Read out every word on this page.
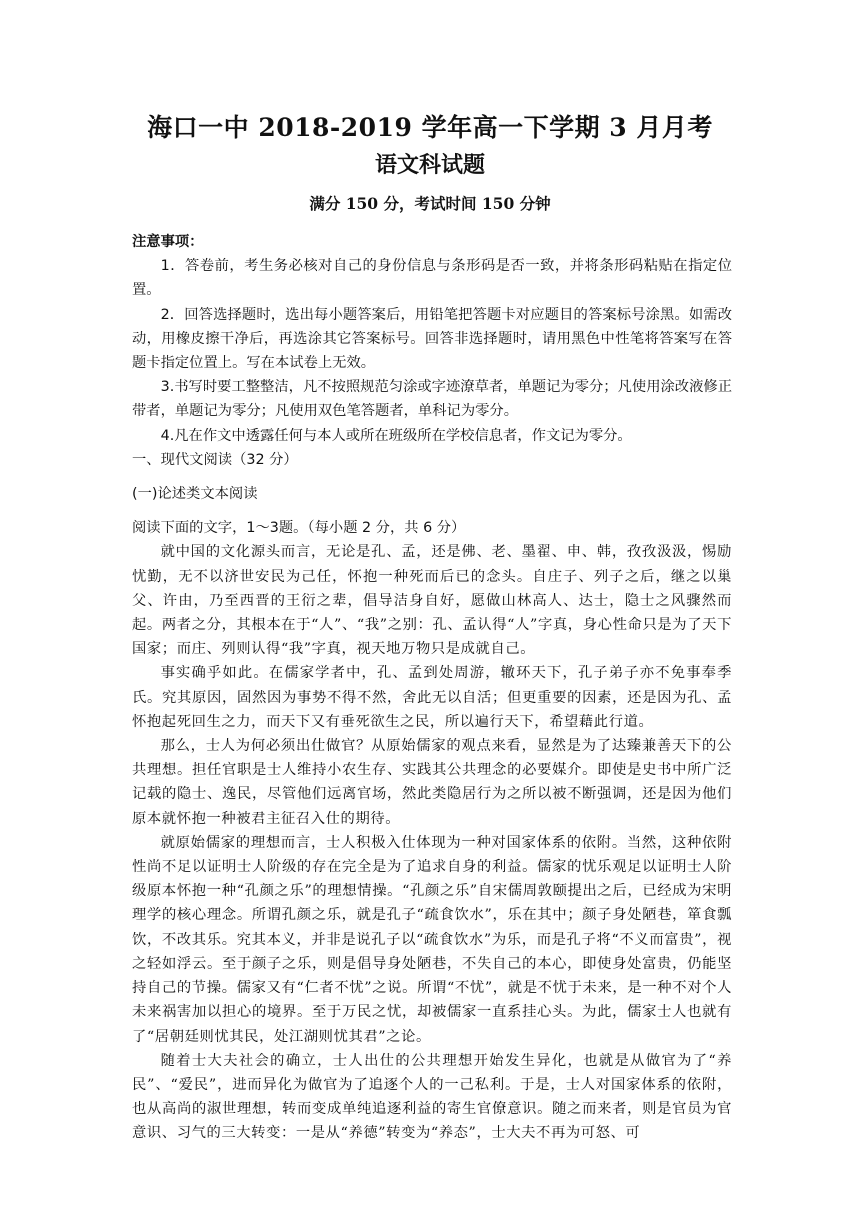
海口一中 2018-2019 学年高一下学期 3 月月考
语文科试题
满分 150 分，考试时间 150 分钟

注意事项：

1．答卷前，考生务必核对自己的身份信息与条形码是否一致，并将条形码粘贴在指定位置。

2．回答选择题时，选出每小题答案后，用铅笔把答题卡对应题目的答案标号涂黑。如需改动，用橡皮擦干净后，再选涂其它答案标号。回答非选择题时，请用黑色中性笔将答案写在答题卡指定位置上。写在本试卷上无效。

3.书写时要工整整洁，凡不按照规范匀涂或字迹潦草者，单题记为零分；凡使用涂改液修正带者，单题记为零分；凡使用双色笔答题者，单科记为零分。

4.凡在作文中透露任何与本人或所在班级所在学校信息者，作文记为零分。

一、现代文阅读（32 分）

(一)论述类文本阅读

阅读下面的文字，1～3题。（每小题 2 分，共 6 分）

就中国的文化源头而言，无论是孔、孟，还是佛、老、墨翟、申、韩，孜孜汲汲，惕励忧勤，无不以济世安民为己任，怀抱一种死而后已的念头。自庄子、列子之后，继之以巢父、许由，乃至西晋的王衍之辈，倡导洁身自好，愿做山林高人、达士，隐士之风骤然而起。两者之分，其根本在于“人”、“我”之别：孔、孟认得“人”字真，身心性命只是为了天下国家；而庄、列则认得“我”字真，视天地万物只是成就自己。

事实确乎如此。在儒家学者中，孔、孟到处周游，辙环天下，孔子弟子亦不免事奉季氏。究其原因，固然因为事势不得不然，舍此无以自活；但更重要的因素，还是因为孔、孟怀抱起死回生之力，而天下又有垂死欲生之民，所以遍行天下，希望藉此行道。

那么，士人为何必须出仕做官？从原始儒家的观点来看，显然是为了达臻兼善天下的公共理想。担任官职是士人维持小农生存、实践其公共理念的必要媒介。即使是史书中所广泛记载的隐士、逸民，尽管他们远离官场，然此类隐居行为之所以被不断强调，还是因为他们原本就怀抱一种被君主征召入仕的期待。

就原始儒家的理想而言，士人积极入仕体现为一种对国家体系的依附。当然，这种依附性尚不足以证明士人阶级的存在完全是为了追求自身的利益。儒家的忧乐观足以证明士人阶级原本怀抱一种“孔颜之乐”的理想情操。“孔颜之乐”自宋儒周敦颐提出之后，已经成为宋明理学的核心理念。所谓孔颜之乐，就是孔子“疏食饮水”，乐在其中；颜子身处陋巷，箪食瓢饮，不改其乐。究其本义，并非是说孔子以“疏食饮水”为乐，而是孔子将“不义而富贵”，视之轻如浮云。至于颜子之乐，则是倡导身处陋巷，不失自己的本心，即使身处富贵，仍能坚持自己的节操。儒家又有“仁者不忧”之说。所谓“不忧”，就是不忧于未来，是一种不对个人未来祸害加以担心的境界。至于万民之忧，却被儒家一直系挂心头。为此，儒家士人也就有了“居朝廷则忧其民，处江湖则忧其君”之论。

随着士大夫社会的确立，士人出仕的公共理想开始发生异化，也就是从做官为了“养民”、“爱民”，进而异化为做官为了追逐个人的一己私利。于是，士人对国家体系的依附，也从高尚的淑世理想，转而变成单纯追逐利益的寄生官僚意识。随之而来者，则是官员为官意识、习气的三大转变：一是从“养德”转变为“养态”，士大夫不再为可怒、可
